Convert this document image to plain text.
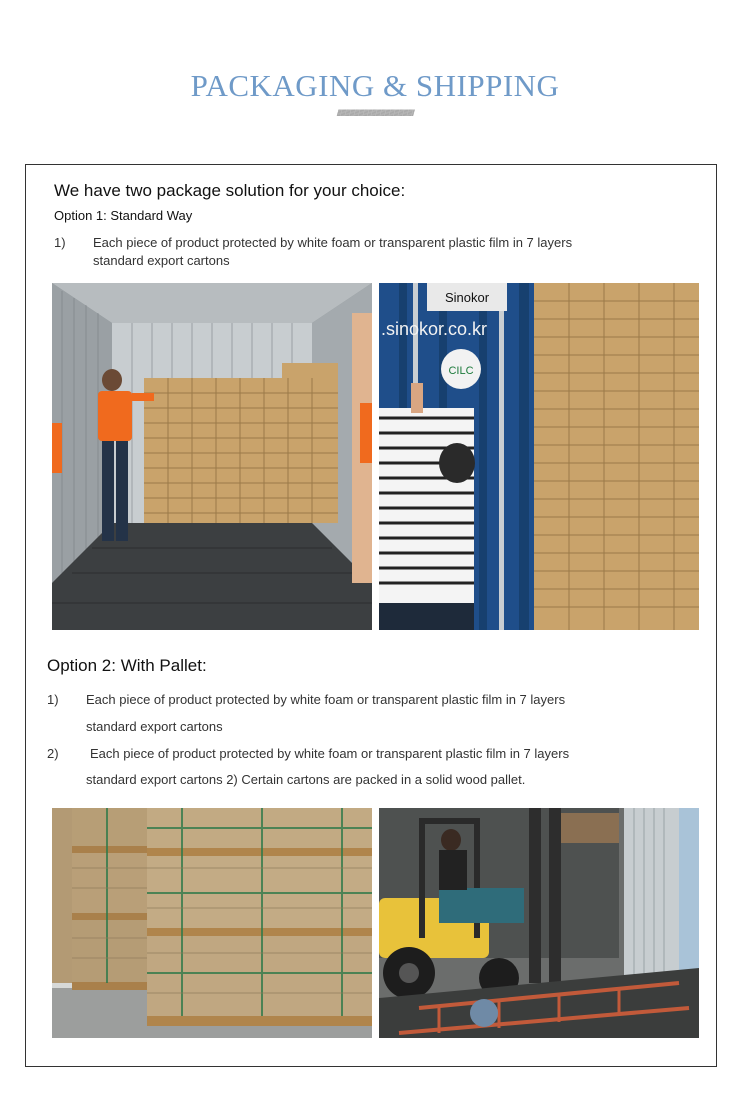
PACKAGING & SHIPPING
/////////////////////////////////////////////////////////////////////////////////////
We have two package solution for your choice:
Option 1: Standard Way
1) Each piece of product protected by white foam or transparent plastic film in 7 layers
standard export cartons
Sinokor
.sinokor.co.kr
CILC
Option 2: With Pallet:
1) Each piece of product protected by white foam or transparent plastic film in 7 layers
standard export cartons
2) Each piece of product protected by white foam or transparent plastic film in 7 layers
standard export cartons 2) Certain cartons are packed in a solid wood pallet.
